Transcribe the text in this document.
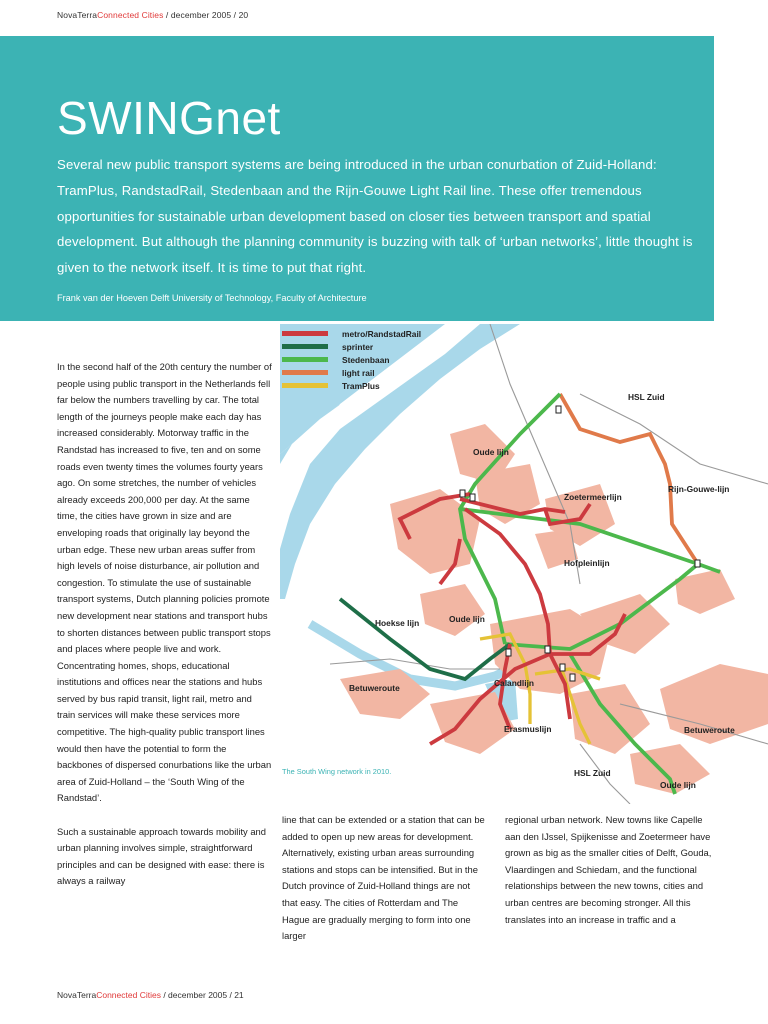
NovaTerraConnected Cities / december 2005 / 20
SWINGnet

Several new public transport systems are being introduced in the urban conurbation of Zuid-Holland: TramPlus, RandstadRail, Stedenbaan and the Rijn-Gouwe Light Rail line. These offer tremendous opportunities for sustainable urban development based on closer ties between transport and spatial development. But although the planning community is buzzing with talk of ‘urban networks’, little thought is given to the network itself. It is time to put that right.

Frank van der Hoeven Delft University of Technology, Faculty of Architecture

In the second half of the 20th century the number of people using public transport in the Netherlands fell far below the numbers travelling by car. The total length of the journeys people make each day has increased considerably. Motorway traffic in the Randstad has increased to five, ten and on some roads even twenty times the volumes fourty years ago. On some stretches, the number of vehicles already exceeds 200,000 per day. At the same time, the cities have grown in size and are enveloping roads that originally lay beyond the urban edge. These new urban areas suffer from high levels of noise disturbance, air pollution and congestion. To stimulate the use of sustainable transport systems, Dutch planning policies promote new development near stations and transport hubs to shorten distances between public transport stops and places where people live and work. Concentrating homes, shops, educational institutions and offices near the stations and hubs served by bus rapid transit, light rail, metro and train services will make these services more competitive. The high-quality public transport lines would then have the potential to form the backbones of dispersed conurbations like the urban area of Zuid-Holland – the ‘South Wing of the Randstad’.

Such a sustainable approach towards mobility and urban planning involves simple, straightforward principles and can be designed with ease: there is always a railway

line that can be extended or a station that can be added to open up new areas for development. Alternatively, existing urban areas surrounding stations and stops can be intensified. But in the Dutch province of Zuid-Holland things are not that easy. The cities of Rotterdam and The Hague are gradually merging to form into one larger

regional urban network. New towns like Capelle aan den IJssel, Spijkenisse and Zoetermeer have grown as big as the smaller cities of Delft, Gouda, Vlaardingen and Schiedam, and the functional relationships between the new towns, cities and urban centres are becoming stronger. All this translates into an increase in traffic and a

metro/RandstadRail
sprinter
Stedenbaan
light rail
TramPlus
HSL Zuid
Oude lijn
Zoetermeerlijn
Rijn-Gouwe-lijn
Hofpleinlijn
Hoekse lijn	Oude lijn
Betuweroute	Calandlijn
Erasmuslijn	Betuweroute
HSL Zuid
Oude lijn
The South Wing network in 2010.
NovaTerraConnected Cities / december 2005 / 21
